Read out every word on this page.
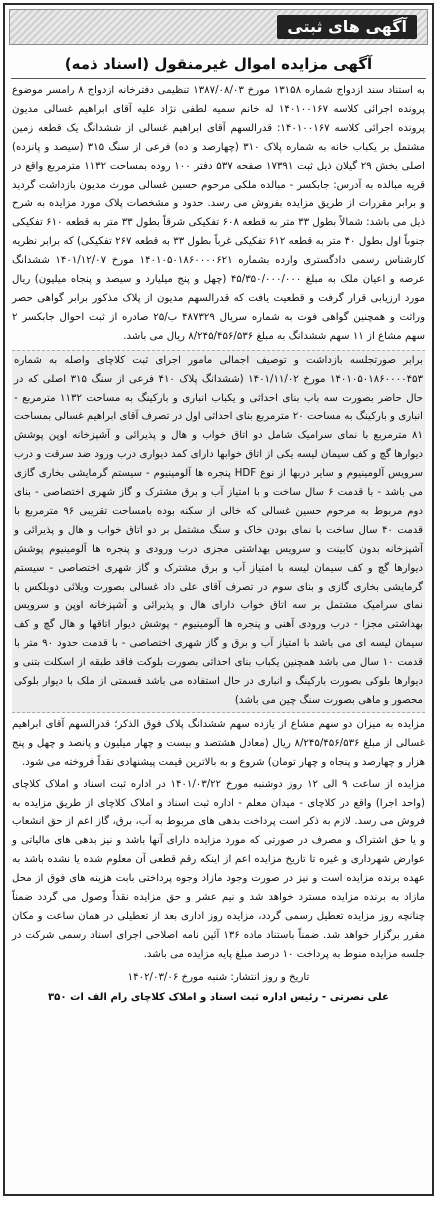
آگهی های ثبتی
آگهی مزایده اموال غیرمنقول (اسناد ذمه)

به استناد سند ازدواج شماره ۱۳۱۵۸ مورخ ۱۳۸۷/۰۸/۰۳ تنظیمی دفترخانه ازدواج ۸ رامسر موضوع پرونده اجرائی کلاسه ۱۴۰۱۰۰۱۶۷ له خانم سمیه لطفی نژاد علیه آقای ابراهیم غسالی مدیون پرونده اجرائی کلاسه ۱۴۰۱۰۰۱۶۷: قدرالسهم آقای ابراهیم غسالی از ششدانگ یک قطعه زمین مشتمل بر یکباب خانه به شماره پلاک ۳۱۰ (چهارصد و ده) فرعی از سنگ ۳۱۵ (سیصد و پانزده) اصلی بخش ۲۹ گیلان ذیل ثبت ۱۷۳۹۱ صفحه ۵۳۷ دفتر ۱۰۰ روده بمساحت ۱۱۳۲ مترمربع واقع در قریه مبالده به آدرس: جابکسر - مبالده ملکی مرحوم حسین غسالی مورث مدیون بازداشت گردید و برابر مقررات از طریق مزایده بفروش می رسد. حدود و مشخصات پلاک مورد مزایده به شرح ذیل می باشد: شمالاً بطول ۳۳ متر به قطعه ۶۰۸ تفکیکی شرقاً بطول ۳۳ متر به قطعه ۶۱۰ تفکیکی جنوباً اول بطول ۴۰ متر به قطعه ۶۱۲ تفکیکی غرباً بطول ۳۳ به قطعه ۲۶۷ تفکیکی) که برابر نظریه کارشناس رسمی دادگستری وارده بشماره ۱۴۰۱۰۵۰۱۸۶۰۰۰۰۶۲۱ مورخ ۱۴۰۱/۱۲/۰۷ ششدانگ عرصه و اعیان ملک به مبلغ ۴۵/۳۵۰/۰۰۰/۰۰۰ (چهل و پنج میلیارد و سیصد و پنجاه میلیون) ریال مورد ارزیابی قرار گرفت و قطعیت یافت که قدرالسهم مدیون از پلاک مذکور برابر گواهی حصر وراثت و همچنین گواهی فوت به شماره سریال ۴۸۷۳۲۹ ب/۲۵ صادره از ثبت احوال جابکسر ۲ سهم مشاع از ۱۱ سهم ششدانگ به مبلغ ۸/۲۴۵/۴۵۶/۵۳۶ ریال می باشد.

برابر صورتجلسه بازداشت و توصیف اجمالی مامور اجرای ثبت کلاچای واصله به شماره ۱۴۰۱۰۵۰۱۸۶۰۰۰۰۴۵۳ مورخ ۱۴۰۱/۱۱/۰۲ (ششدانگ پلاک ۴۱۰ فرعی از سنگ ۳۱۵ اصلی که در حال حاضر بصورت سه باب بنای احداثی و یکباب انباری و بارکینگ به مساحت ۱۱۳۲ مترمربع - انباری و بارکینگ به مساحت ۲۰ مترمربع بنای احداثی اول در تصرف آقای ابراهیم غسالی بمساحت ۸۱ مترمربع با نمای سرامیک شامل دو اتاق خواب و هال و پذیرائی و آشپزخانه اوپن پوشش دیوارها گچ و کف سیمان لیسه یکی از اتاق خوابها دارای کمد دیواری درب ورود ضد سرقت و درب سرویس آلومینیوم و سایر دربها از نوع HDF پنجره ها آلومینیوم - سیستم گرمایشی بخاری گازی می باشد - با قدمت ۶ سال ساخت و با امتیاز آب و برق مشترک و گاز شهری اختصاصی - بنای دوم مربوط به مرحوم حسین غسالی که خالی از سکنه بوده بامساحت تقریبی ۹۶ مترمربع با قدمت ۴۰ سال ساخت با نمای بودن خاک و سنگ مشتمل بر دو اتاق خواب و هال و پذیرائی و آشپزخانه بدون کابینت و سرویس بهداشتی مجزی درب ورودی و پنجره ها آلومینیوم پوشش دیوارها گچ و کف سیمان لیسه با امتیاز آب و برق مشترک و گاز شهری اختصاصی - سیستم گرمایشی بخاری گازی و بنای سوم در تصرف آقای علی داد غسالی بصورت ویلائی دوبلکس با نمای سرامیک مشتمل بر سه اتاق خواب دارای هال و پذیرائی و آشپزخانه اوپن و سرویس بهداشتی مجزا - درب ورودی آهنی و پنجره ها آلومینیوم - پوشش دیوار اتاقها و هال گچ و کف سیمان لیسه ای می باشد با امتیاز آب و برق و گاز شهری اختصاصی - با قدمت حدود ۹۰ متر با قدمت ۱۰ سال می باشد همچنین یکباب بنای احداثی بصورت بلوکت فاقد طبقه از اسکلت بتنی و دیوارها بلوکی بصورت بارکینگ و انباری در حال استفاده می باشد قسمتی از ملک با دیوار بلوکی محصور و ماهی بصورت سنگ چین می باشد)

مزایده به میزان دو سهم مشاع از یازده سهم ششدانگ پلاک فوق الذکر؛ قدرالسهم آقای ابراهیم غسالی از مبلغ ۸/۲۴۵/۴۵۶/۵۳۶ ریال (معادل هشتصد و بیست و چهار میلیون و پانصد و چهل و پنج هزار و چهارصد و پنجاه و چهار تومان) شروع و به بالاترین قیمت پیشنهادی نقداً فروخته می شود.

مزایده از ساعت ۹ الی ۱۲ روز دوشنبه مورخ ۱۴۰۱/۰۳/۲۲ در اداره ثبت اسناد و املاک کلاچای (واحد اجرا) واقع در کلاچای - میدان معلم - اداره ثبت اسناد و املاک کلاچای از طریق مزایده به فروش می رسد. لازم به ذکر است پرداخت بدهی های مربوط به آب، برق، گاز اعم از حق انشعاب و یا حق اشتراک و مصرف در صورتی که مورد مزایده دارای آنها باشد و نیز بدهی های مالیاتی و عوارض شهرداری و غیره تا تاریخ مزایده اعم از اینکه رقم قطعی آن معلوم شده یا نشده باشد به عهده برنده مزایده است و نیز در صورت وجود مازاد وجوه پرداختی بابت هزینه های فوق از محل مازاد به برنده مزایده مسترد خواهد شد و نیم عشر و حق مزایده نقداً وصول می گردد ضمناً چنانچه روز مزایده تعطیل رسمی گردد، مزایده روز اداری بعد از تعطیلی در همان ساعت و مکان مقرر برگزار خواهد شد. ضمناً باستناد ماده ۱۳۶ آئین نامه اصلاحی اجرای اسناد رسمی شرکت در جلسه مزایده منوط به پرداخت ۱۰ درصد مبلغ پایه مزایده می باشد.

تاریخ و روز انتشار: شنبه مورخ ۱۴۰۲/۰۳/۰۶
علی نصرتی - رئیس اداره ثبت اسناد و املاک کلاچای رام الف ات ۳۵۰
